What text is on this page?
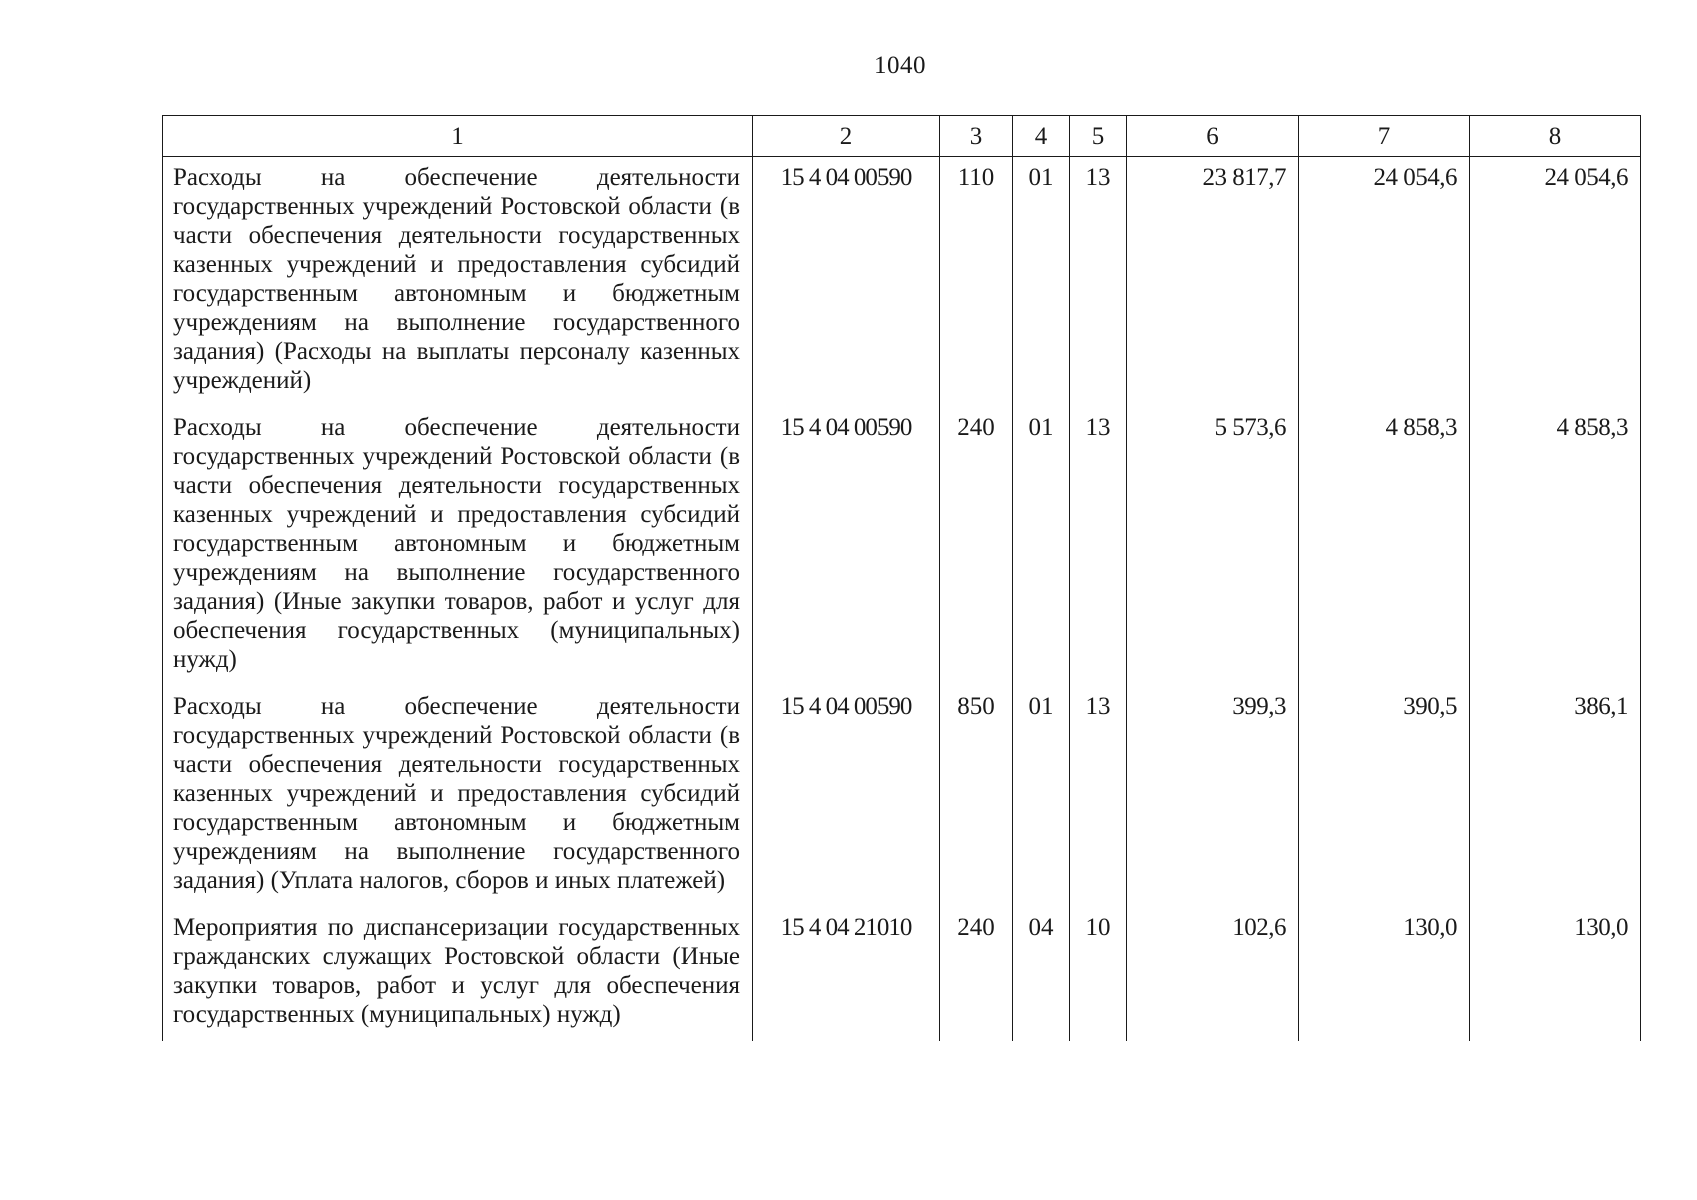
1040
1	2	3	4	5	6	7	8
Расходы на обеспечение деятельности государственных учреждений Ростовской области (в части обеспечения деятельности государственных казенных учреждений и предоставления субсидий государственным автономным и бюджетным учреждениям на выполнение государственного задания) (Расходы на выплаты персоналу казенных учреждений)	15 4 04 00590	110	01	13	23 817,7	24 054,6	24 054,6
Расходы на обеспечение деятельности государственных учреждений Ростовской области (в части обеспечения деятельности государственных казенных учреждений и предоставления субсидий государственным автономным и бюджетным учреждениям на выполнение государственного задания) (Иные закупки товаров, работ и услуг для обеспечения государственных (муниципальных) нужд)	15 4 04 00590	240	01	13	5 573,6	4 858,3	4 858,3
Расходы на обеспечение деятельности государственных учреждений Ростовской области (в части обеспечения деятельности государственных казенных учреждений и предоставления субсидий государственным автономным и бюджетным учреждениям на выполнение государственного задания) (Уплата налогов, сборов и иных платежей)	15 4 04 00590	850	01	13	399,3	390,5	386,1
Мероприятия по диспансеризации государственных гражданских служащих Ростовской области (Иные закупки товаров, работ и услуг для обеспечения государственных (муниципальных) нужд)	15 4 04 21010	240	04	10	102,6	130,0	130,0
